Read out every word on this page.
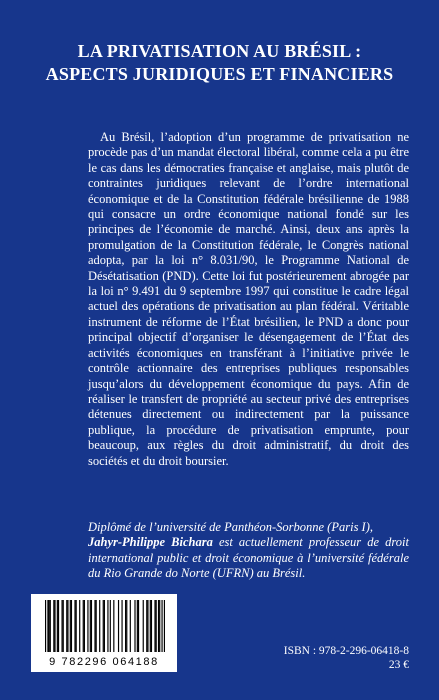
LA PRIVATISATION AU BRÉSIL :
ASPECTS JURIDIQUES ET FINANCIERS

Au Brésil, l’adoption d’un programme de privatisation ne procède pas d’un mandat électoral libéral, comme cela a pu être le cas dans les démocraties française et anglaise, mais plutôt de contraintes juridiques relevant de l’ordre international économique et de la Constitution fédérale brésilienne de 1988 qui consacre un ordre économique national fondé sur les principes de l’économie de marché. Ainsi, deux ans après la promulgation de la Constitution fédérale, le Congrès national adopta, par la loi n° 8.031/90, le Programme National de Désétatisation (PND). Cette loi fut postérieurement abrogée par la loi n° 9.491 du 9 septembre 1997 qui constitue le cadre légal actuel des opérations de privatisation au plan fédéral. Véritable instrument de réforme de l’État brésilien, le PND a donc pour principal objectif d’organiser le désengagement de l’État des activités économiques en transférant à l’initiative privée le contrôle actionnaire des entreprises publiques responsables jusqu’alors du développement économique du pays. Afin de réaliser le transfert de propriété au secteur privé des entreprises détenues directement ou indirectement par la puissance publique, la procédure de privatisation emprunte, pour beaucoup, aux règles du droit administratif, du droit des sociétés et du droit boursier.

Diplômé de l’université de Panthéon-Sorbonne (Paris I),
Jahyr-Philippe Bichara est actuellement professeur de droit international public et droit économique à l’université fédérale du Rio Grande do Norte (UFRN) au Brésil.

9 782296 064188
ISBN : 978-2-296-06418-8
23 €
